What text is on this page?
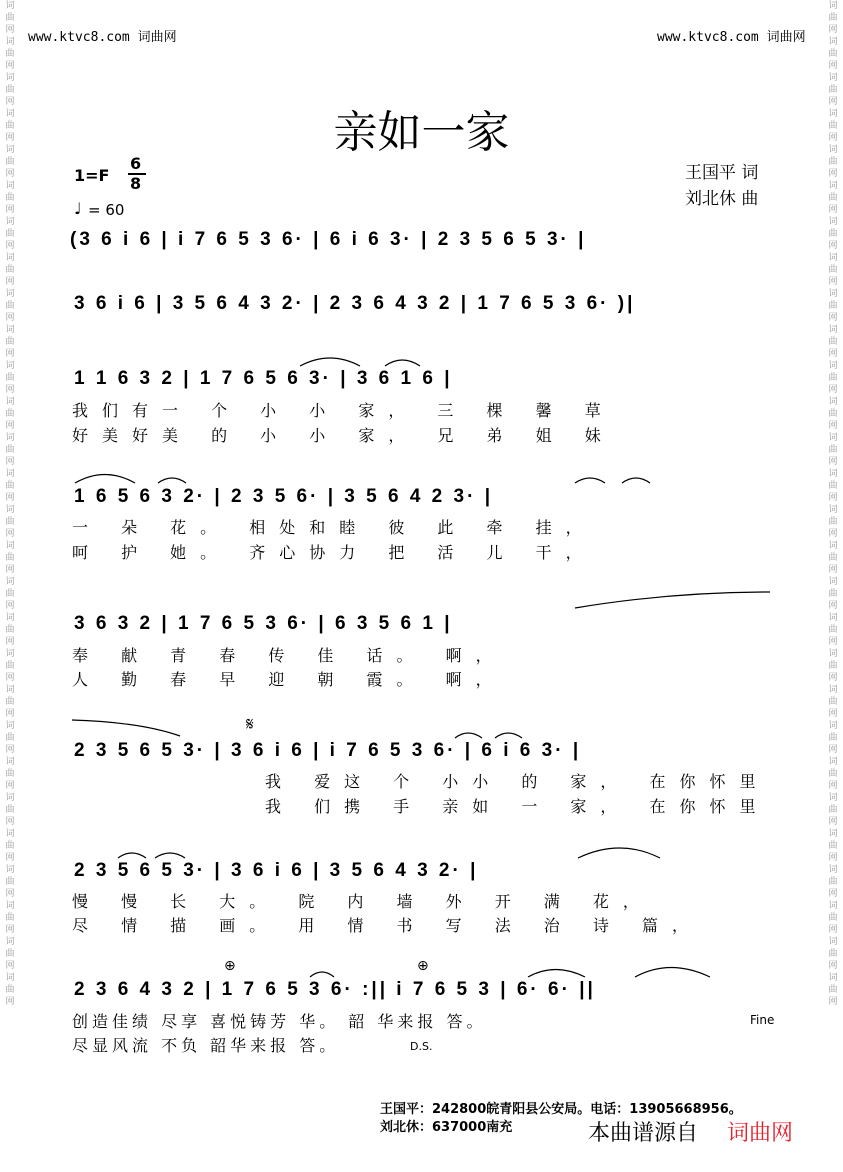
词曲网词曲网词曲网词曲网词曲网词曲网词曲网词曲网词曲网词曲网词曲网词曲网词曲网词曲网词曲网词曲网词曲网词曲网词曲网词曲网词曲网词曲网词曲网词曲网词曲网词曲网词曲网词曲网
词曲网词曲网词曲网词曲网词曲网词曲网词曲网词曲网词曲网词曲网词曲网词曲网词曲网词曲网词曲网词曲网词曲网词曲网词曲网词曲网词曲网词曲网词曲网词曲网词曲网词曲网词曲网词曲网
www.ktvc8.com 词曲网	www.ktvc8.com 词曲网
亲如一家
1=F
6
8
♩ = 60
王国平 词
刘北休 曲
(3 6 i 6 | i 7 6 5 3 6· | 6 i 6 3· | 2 3 5 6 5 3· |
3 6 i 6 | 3 5 6 4 3 2· | 2 3 6 4 3 2 | 1 7 6 5 3 6· )|
1 1 6 3 2 | 1 7 6 5 6 3· | 3 6 1 6 |
我们有一 个 小 小 家， 三 棵 馨 草
好美好美 的 小 小 家， 兄 弟 姐 妹
1 6 5 6 3 2· | 2 3 5 6· | 3 5 6 4 2 3· |
一 朵 花。 相处和睦 彼 此 牵 挂，
呵 护 她。 齐心协力 把 活 儿 干，
3 6 3 2 | 1 7 6 5 3 6· | 6 3 5 6 1 |
奉 献 青 春 传 佳 话。 啊，
人 勤 春 早 迎 朝 霞。 啊，
𝄋
2 3 5 6 5 3· | 3 6 i 6 | i 7 6 5 3 6· | 6 i 6 3· |
我 爱这 个 小小 的 家， 在你怀里
我 们携 手 亲如 一 家， 在你怀里
2 3 5 6 5 3· | 3 6 i 6 | 3 5 6 4 3 2· |
慢 慢 长 大。 院 内 墙 外 开 满 花，
尽 情 描 画。 用 情 书 写 法 治 诗 篇，
⊕	⊕
2 3 6 4 3 2 | 1 7 6 5 3 6· :|| i 7 6 5 3 | 6· 6· ||
创造佳绩 尽享 喜悦铸芳 华。 韶 华来报 答。
尽显风流 不负 韶华来报 答。
Fine
D.S.
王国平：242800皖青阳县公安局。电话：13905668956。
刘北休：637000南充	本曲谱源自 词曲网
